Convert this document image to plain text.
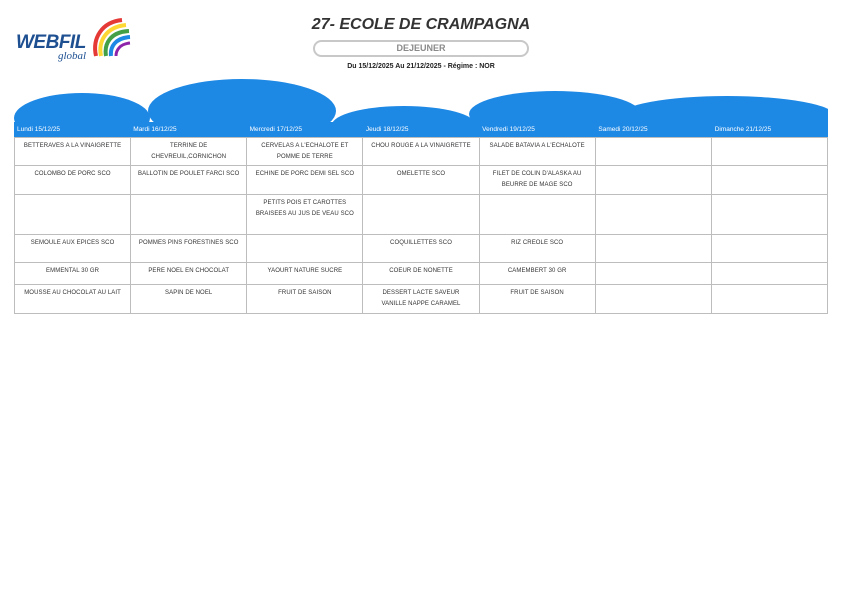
WEBFIL
global
27- ECOLE DE CRAMPAGNA
DEJEUNER
Du 15/12/2025 Au 21/12/2025 - Régime : NOR
Lundi 15/12/25	Mardi 16/12/25	Mercredi 17/12/25	Jeudi 18/12/25	Vendredi 19/12/25	Samedi 20/12/25	Dimanche 21/12/25
BETTERAVES A LA VINAIGRETTE	TERRINE DE CHEVREUIL,CORNICHON	CERVELAS A L'ECHALOTE ET POMME DE TERRE	CHOU ROUGE A LA VINAIGRETTE	SALADE BATAVIA A L'ECHALOTE		
COLOMBO DE PORC SCO	BALLOTIN DE POULET FARCI SCO	ECHINE DE PORC DEMI SEL SCO	OMELETTE SCO	FILET DE COLIN D'ALASKA AU BEURRE DE MAGE SCO		
		PETITS POIS ET CAROTTES BRAISEES AU JUS DE VEAU SCO				
SEMOULE AUX EPICES SCO	POMMES PINS FORESTINES SCO		COQUILLETTES SCO	RIZ CREOLE SCO		
EMMENTAL 30 GR	PERE NOEL EN CHOCOLAT	YAOURT NATURE SUCRE	COEUR DE NONETTE	CAMEMBERT 30 GR		
MOUSSE AU CHOCOLAT AU LAIT	SAPIN DE NOEL	FRUIT DE SAISON	DESSERT LACTE SAVEUR VANILLE NAPPE CARAMEL	FRUIT DE SAISON		
